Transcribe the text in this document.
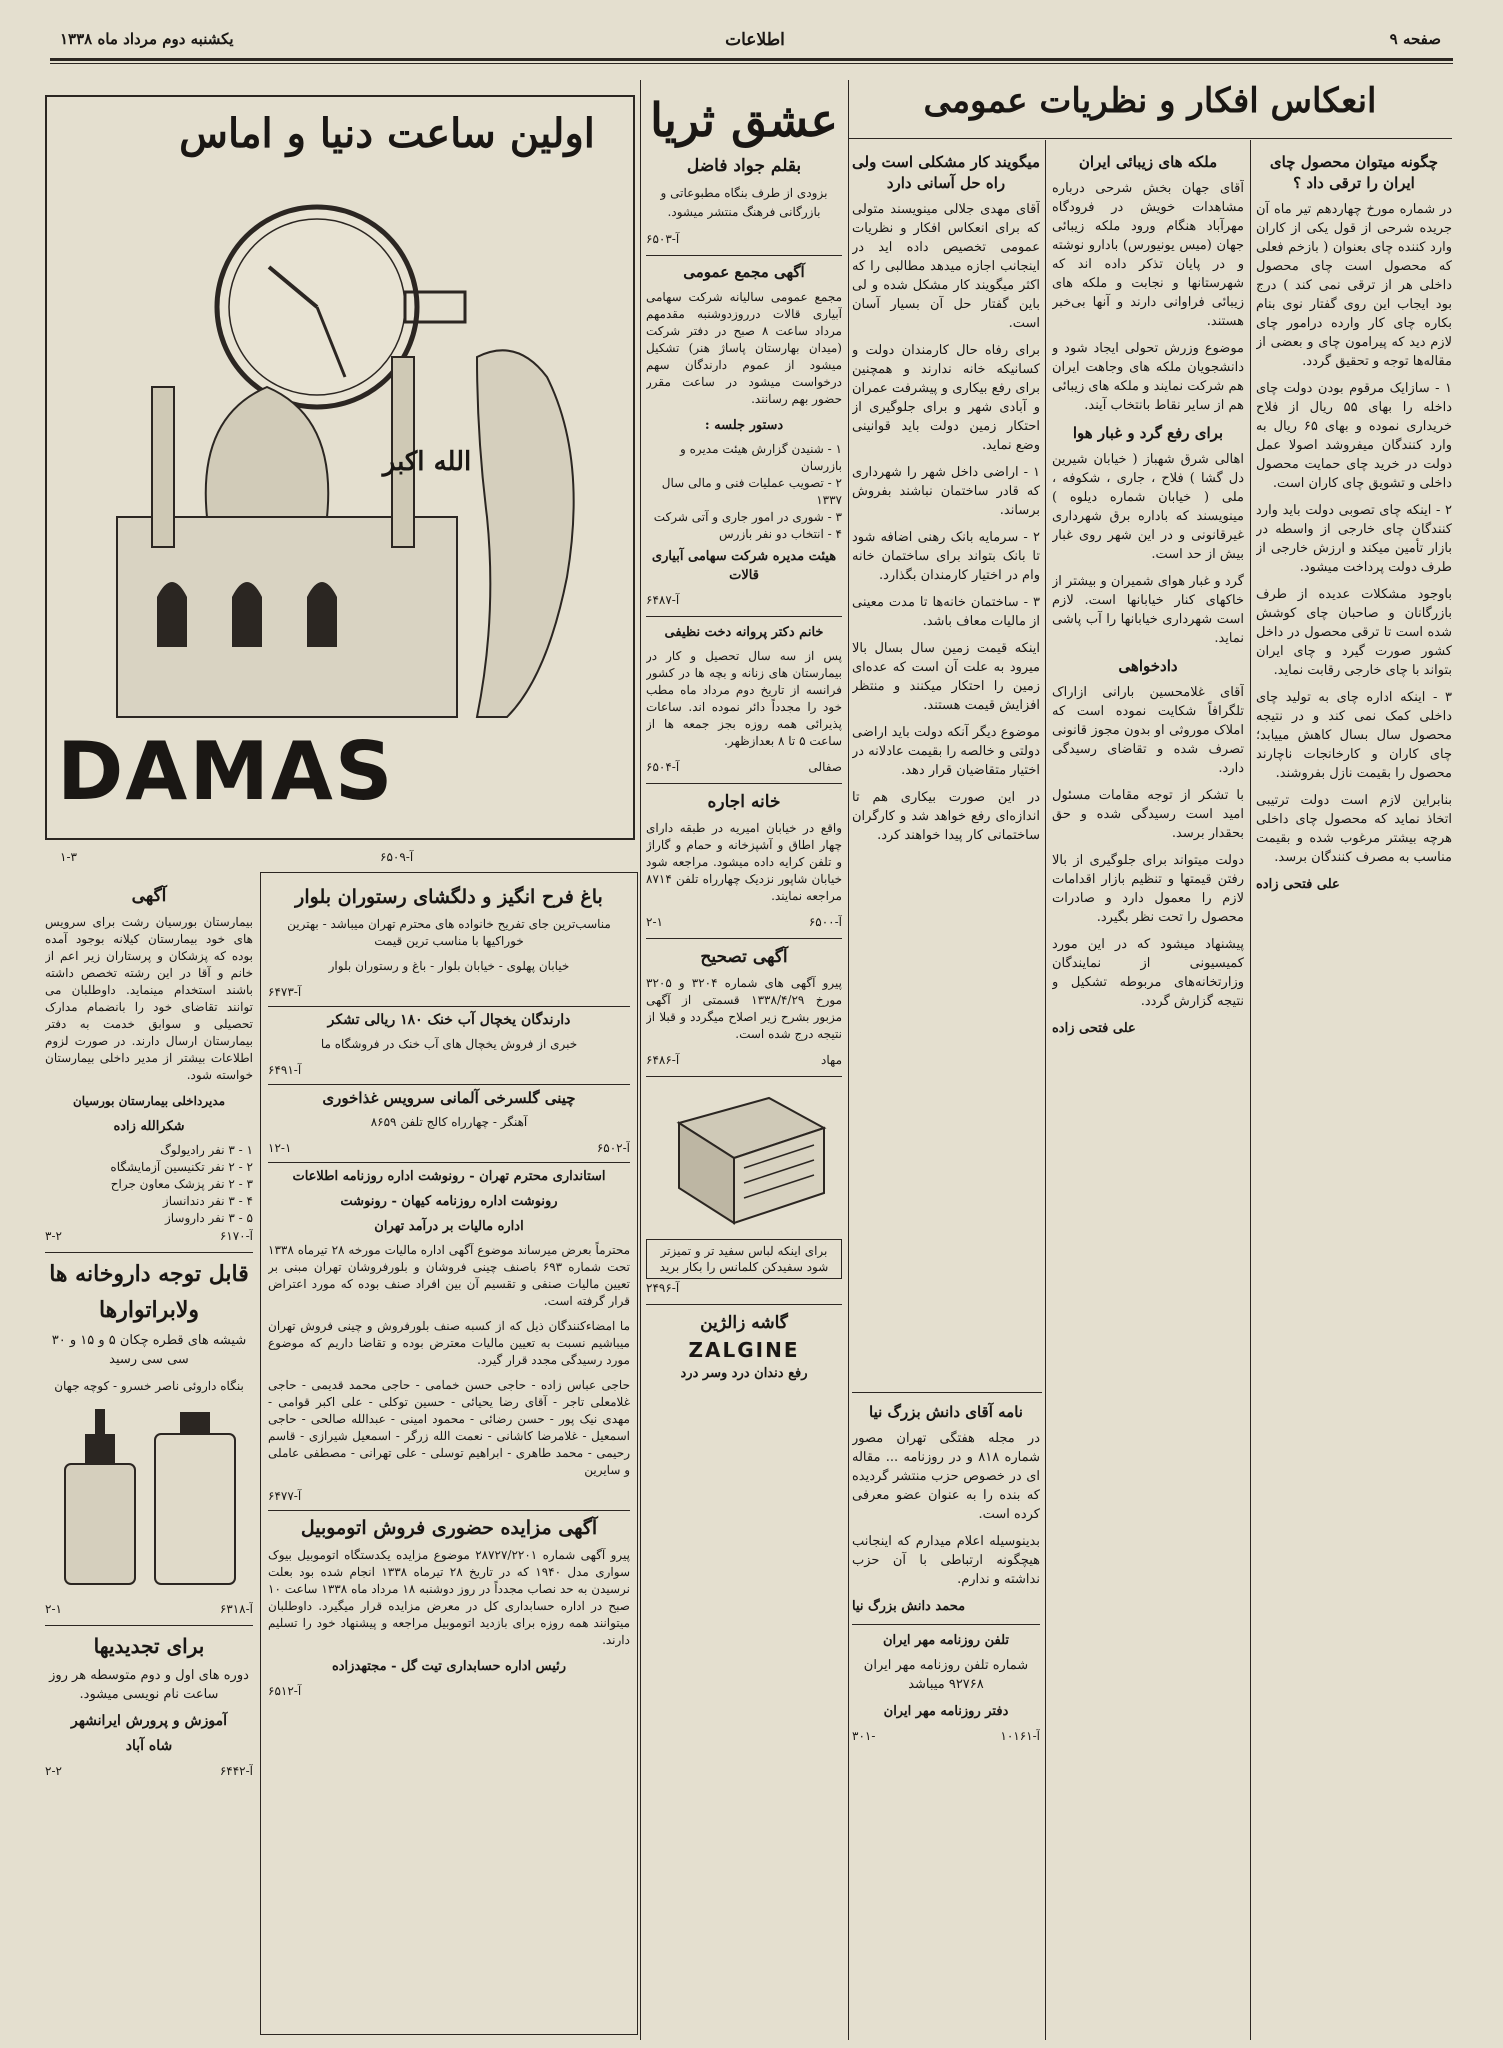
صفحه ۹
اطلاعات
یکشنبه دوم مرداد ماه ۱۳۳۸
انعکاس افکار و نظریات عمومی
چگونه میتوان محصول چای ایران را ترقی داد ؟

در شماره مورخ چهاردهم تیر ماه آن جریده شرحی از قول یکی از کاران وارد کننده چای بعنوان ( بازخم فعلی که محصول است چای محصول داخلی هر از ترقی نمی کند ) درج بود ایجاب این روی گفتار نوی بنام بکاره چای کار وارده درامور چای لازم دید که پیرامون چای و بعضی از مقاله‌ها توجه و تحقیق گردد.

۱ - سازایک مرقوم بودن دولت چای داخله را بهای ۵۵ ریال از فلاح خریداری نموده و بهای ۶۵ ریال به وارد کنندگان میفروشد اصولا عمل دولت در خرید چای حمایت محصول داخلی و تشویق چای کاران است.

۲ - اینکه چای تصوبی دولت باید وارد کنندگان چای خارجی از واسطه در بازار تأمین میکند و ارزش خارجی از طرف دولت پرداخت میشود.

باوجود مشکلات عدیده از طرف بازرگانان و صاحبان چای کوشش شده است تا ترقی محصول در داخل کشور صورت گیرد و چای ایران بتواند با چای خارجی رقابت نماید.

۳ - اینکه اداره چای به تولید چای داخلی کمک نمی کند و در نتیجه محصول سال بسال کاهش مییابد؛ چای کاران و کارخانجات ناچارند محصول را بقیمت نازل بفروشند.

بنابراین لازم است دولت ترتیبی اتخاذ نماید که محصول چای داخلی هرچه بیشتر مرغوب شده و بقیمت مناسب به مصرف کنندگان برسد.

علی فتحی زاده

ملکه های زیبائی ایران

آقای جهان بخش شرحی درباره مشاهدات خویش در فرودگاه مهرآباد هنگام ورود ملکه زیبائی جهان (میس یونیورس) بادارو نوشته و در پایان تذکر داده اند که شهرستانها و نجابت و ملکه های زیبائی فراوانی دارند و آنها بی‌خبر هستند.

موضوع وزرش تحولی ایجاد شود و دانشجویان ملکه های وجاهت ایران هم شرکت نمایند و ملکه های زیبائی هم از سایر نقاط بانتخاب آیند.

برای رفع گرد و غبار هوا

اهالی شرق شهباز ( خیابان شیرین دل گشا ) فلاح ، جاری ، شکوفه ، ملی ( خیابان شماره دیلوه ) مینویسند که باداره برق شهرداری غیرقانونی و در این شهر روی غبار بیش از حد است.

گرد و غبار هوای شمیران و بیشتر از خاکهای کنار خیابانها است. لازم است شهرداری خیابانها را آب پاشی نماید.

دادخواهی

آقای غلامحسین بارانی ازاراک تلگرافاً شکایت نموده است که املاک موروثی او بدون مجوز قانونی تصرف شده و تقاضای رسیدگی دارد.

با تشکر از توجه مقامات مسئول امید است رسیدگی شده و حق بحقدار برسد.

دولت میتواند برای جلوگیری از بالا رفتن قیمتها و تنظیم بازار اقدامات لازم را معمول دارد و صادرات محصول را تحت نظر بگیرد.

پیشنهاد میشود که در این مورد کمیسیونی از نمایندگان وزارتخانه‌های مربوطه تشکیل و نتیجه گزارش گردد.

علی فتحی زاده

میگویند کار مشکلی است ولی راه حل آسانی دارد

آقای مهدی جلالی مینویسند متولی که برای انعکاس افکار و نظریات عمومی تخصیص داده اید در اینجانب اجازه میدهد مطالبی را که اکثر میگویند کار مشکل شده و لی باین گفتار حل آن بسیار آسان است.

برای رفاه حال کارمندان دولت و کسانیکه خانه ندارند و همچنین برای رفع بیکاری و پیشرفت عمران و آبادی شهر و برای جلوگیری از احتکار زمین دولت باید قوانینی وضع نماید.

۱ - اراضی داخل شهر را شهرداری که قادر ساختمان نباشند بفروش برساند.

۲ - سرمایه بانک رهنی اضافه شود تا بانک بتواند برای ساختمان خانه وام در اختیار کارمندان بگذارد.

۳ - ساختمان خانه‌ها تا مدت معینی از مالیات معاف باشد.

اینکه قیمت زمین سال بسال بالا میرود به علت آن است که عده‌ای زمین را احتکار میکنند و منتظر افزایش قیمت هستند.

موضوع دیگر آنکه دولت باید اراضی دولتی و خالصه را بقیمت عادلانه در اختیار متقاضیان قرار دهد.

در این صورت بیکاری هم تا اندازه‌ای رفع خواهد شد و کارگران ساختمانی کار پیدا خواهند کرد.

نامه آقای دانش بزرگ نیا

در مجله هفتگی تهران مصور شماره ۸۱۸ و در روزنامه ... مقاله ای در خصوص حزب منتشر گردیده که بنده را به عنوان عضو معرفی کرده است.

بدینوسیله اعلام میدارم که اینجانب هیچگونه ارتباطی با آن حزب نداشته و ندارم.

محمد دانش بزرگ نیا

تلفن روزنامه مهر ایران

شماره تلفن روزنامه مهر ایران ۹۲۷۶۸ میباشد

دفتر روزنامه مهر ایران
۳۰۱-	آ-۱۰۱۶۱
عشق ثریا
بقلم جواد فاضل

بزودی از طرف بنگاه مطبوعاتی و بازرگانی فرهنگ منتشر میشود.

آ-۶۵۰۳
آگهی مجمع عمومی

مجمع عمومی سالیانه شرکت سهامی آبیاری قالات درروزدوشنبه مقدمهم مرداد ساعت ۸ صبح در دفتر شرکت (میدان بهارستان پاساژ هنر) تشکیل میشود از عموم دارندگان سهم درخواست میشود در ساعت مقرر حضور بهم رسانند.

دستور جلسه :
۱ - شنیدن گزارش هیئت مدیره و بازرسان
۲ - تصویب عملیات فنی و مالی سال ۱۳۳۷
۳ - شوری در امور جاری و آتی شرکت
۴ - انتخاب دو نفر بازرس
هیئت مدیره شرکت سهامی آبیاری قالات
آ-۶۴۸۷
خانم دکتر پروانه دخت نظیفی

پس از سه سال تحصیل و کار در بیمارستان های زنانه و بچه ها در کشور فرانسه از تاریخ دوم مرداد ماه مطب خود را مجدداً دائر نموده اند. ساعات پذیرائی همه روزه بجز جمعه ها از ساعت ۵ تا ۸ بعدازظهر.

صفالی
آ-۶۵۰۴
خانه اجاره

واقع در خیابان امیریه در طبقه دارای چهار اطاق و آشپزخانه و حمام و گاراژ و تلفن کرایه داده میشود. مراجعه شود خیابان شاپور نزدیک چهارراه تلفن ۸۷۱۴ مراجعه نمایند.

آ-۶۵۰۰
۲-۱
آگهی تصحیح

پیرو آگهی های شماره ۳۲۰۴ و ۳۲۰۵ مورخ ۱۳۳۸/۴/۲۹ قسمتی از آگهی مزبور بشرح زیر اصلاح میگردد و قبلا از نتیجه درج شده است.

مهاد
آ-۶۴۸۶
برای اینکه لباس سفید تر و تمیزتر شود سفیدکن کلمانس را بکار برید
آ-۲۴۹۶
گاشه زالژین
ZALGINE
رفع دندان درد وسر درد
اولین ساعت دنیا و اماس
الله اکبر
DAMAS
آ-۶۵۰۹
۱-۳
باغ فرح انگیز و دلگشای رستوران بلوار

مناسب‌ترین جای تفریح خانواده های محترم تهران میباشد - بهترین خوراکیها با مناسب ترین قیمت

خیابان پهلوی - خیابان بلوار - باغ و رستوران بلوار

آ-۶۴۷۳
دارندگان یخچال آب خنک ۱۸۰ ریالی تشکر

خبری از فروش یخچال های آب خنک در فروشگاه ما

آ-۶۴۹۱
چینی گلسرخی آلمانی سرویس غذاخوری

آهنگر - چهارراه کالج تلفن ۸۶۵۹

آ-۶۵۰۲
۱۲-۱
استانداری محترم تهران - رونوشت اداره روزنامه اطلاعات
رونوشت اداره روزنامه کیهان - رونوشت
اداره مالیات بر درآمد تهران

محترماً بعرض میرساند موضوع آگهی اداره مالیات مورخه ۲۸ تیرماه ۱۳۳۸ تحت شماره ۶۹۳ باصنف چینی فروشان و بلورفروشان تهران مبنی بر تعیین مالیات صنفی و تقسیم آن بین افراد صنف بوده که مورد اعتراض قرار گرفته است.

ما امضاءکنندگان ذیل که از کسبه صنف بلورفروش و چینی فروش تهران میباشیم نسبت به تعیین مالیات معترض بوده و تقاضا داریم که موضوع مورد رسیدگی مجدد قرار گیرد.

حاجی عباس زاده - حاجی حسن خمامی - حاجی محمد قدیمی - حاجی غلامعلی تاجر - آقای رضا یحیائی - حسین توکلی - علی اکبر قوامی - مهدی نیک پور - حسن رضائی - محمود امینی - عبدالله صالحی - حاجی اسمعیل - غلامرضا کاشانی - نعمت الله زرگر - اسمعیل شیرازی - قاسم رحیمی - محمد طاهری - ابراهیم توسلی - علی تهرانی - مصطفی عاملی و سایرین

آ-۶۴۷۷
آگهی مزایده حضوری فروش اتوموبیل

پیرو آگهی شماره ۲۸۷۲۷/۲۲۰۱ موضوع مزایده یکدستگاه اتوموبیل بیوک سواری مدل ۱۹۴۰ که در تاریخ ۲۸ تیرماه ۱۳۳۸ انجام شده بود بعلت نرسیدن به حد نصاب مجدداً در روز دوشنبه ۱۸ مرداد ماه ۱۳۳۸ ساعت ۱۰ صبح در اداره حسابداری کل در معرض مزایده قرار میگیرد. داوطلبان میتوانند همه روزه برای بازدید اتوموبیل مراجعه و پیشنهاد خود را تسلیم دارند.

رئیس اداره حسابداری تیت گل - مجتهدزاده
آ-۶۵۱۲
آگهی

بیمارستان بورسیان رشت برای سرویس های خود بیمارستان کیلانه بوجود آمده بوده که پزشکان و پرستاران زیر اعم از خانم و آقا در این رشته تخصص داشته باشند استخدام مینماید. داوطلبان می توانند تقاضای خود را بانضمام مدارک تحصیلی و سوابق خدمت به دفتر بیمارستان ارسال دارند. در صورت لزوم اطلاعات بیشتر از مدیر داخلی بیمارستان خواسته شود.

مدیرداخلی بیمارستان بورسیان
شکرالله زاده
۱ - ۳ نفر رادیولوگ
۲ - ۲ نفر تکنیسین آزمایشگاه
۳ - ۲ نفر پزشک معاون جراح
۴ - ۳ نفر دندانساز
۵ - ۳ نفر داروساز
آ-۶۱۷۰
۳-۲
قابل توجه داروخانه ها
ولابراتوارها

شیشه های قطره چکان ۵ و ۱۵ و ۳۰ سی سی رسید

بنگاه داروئی ناصر خسرو - کوچه جهان

آ-۶۳۱۸
۲-۱
برای تجدیدیها

دوره های اول و دوم متوسطه هر روز ساعت نام نویسی میشود.

آموزش و پرورش ایرانشهر
شاه آباد
آ-۶۴۴۲
۲-۲
